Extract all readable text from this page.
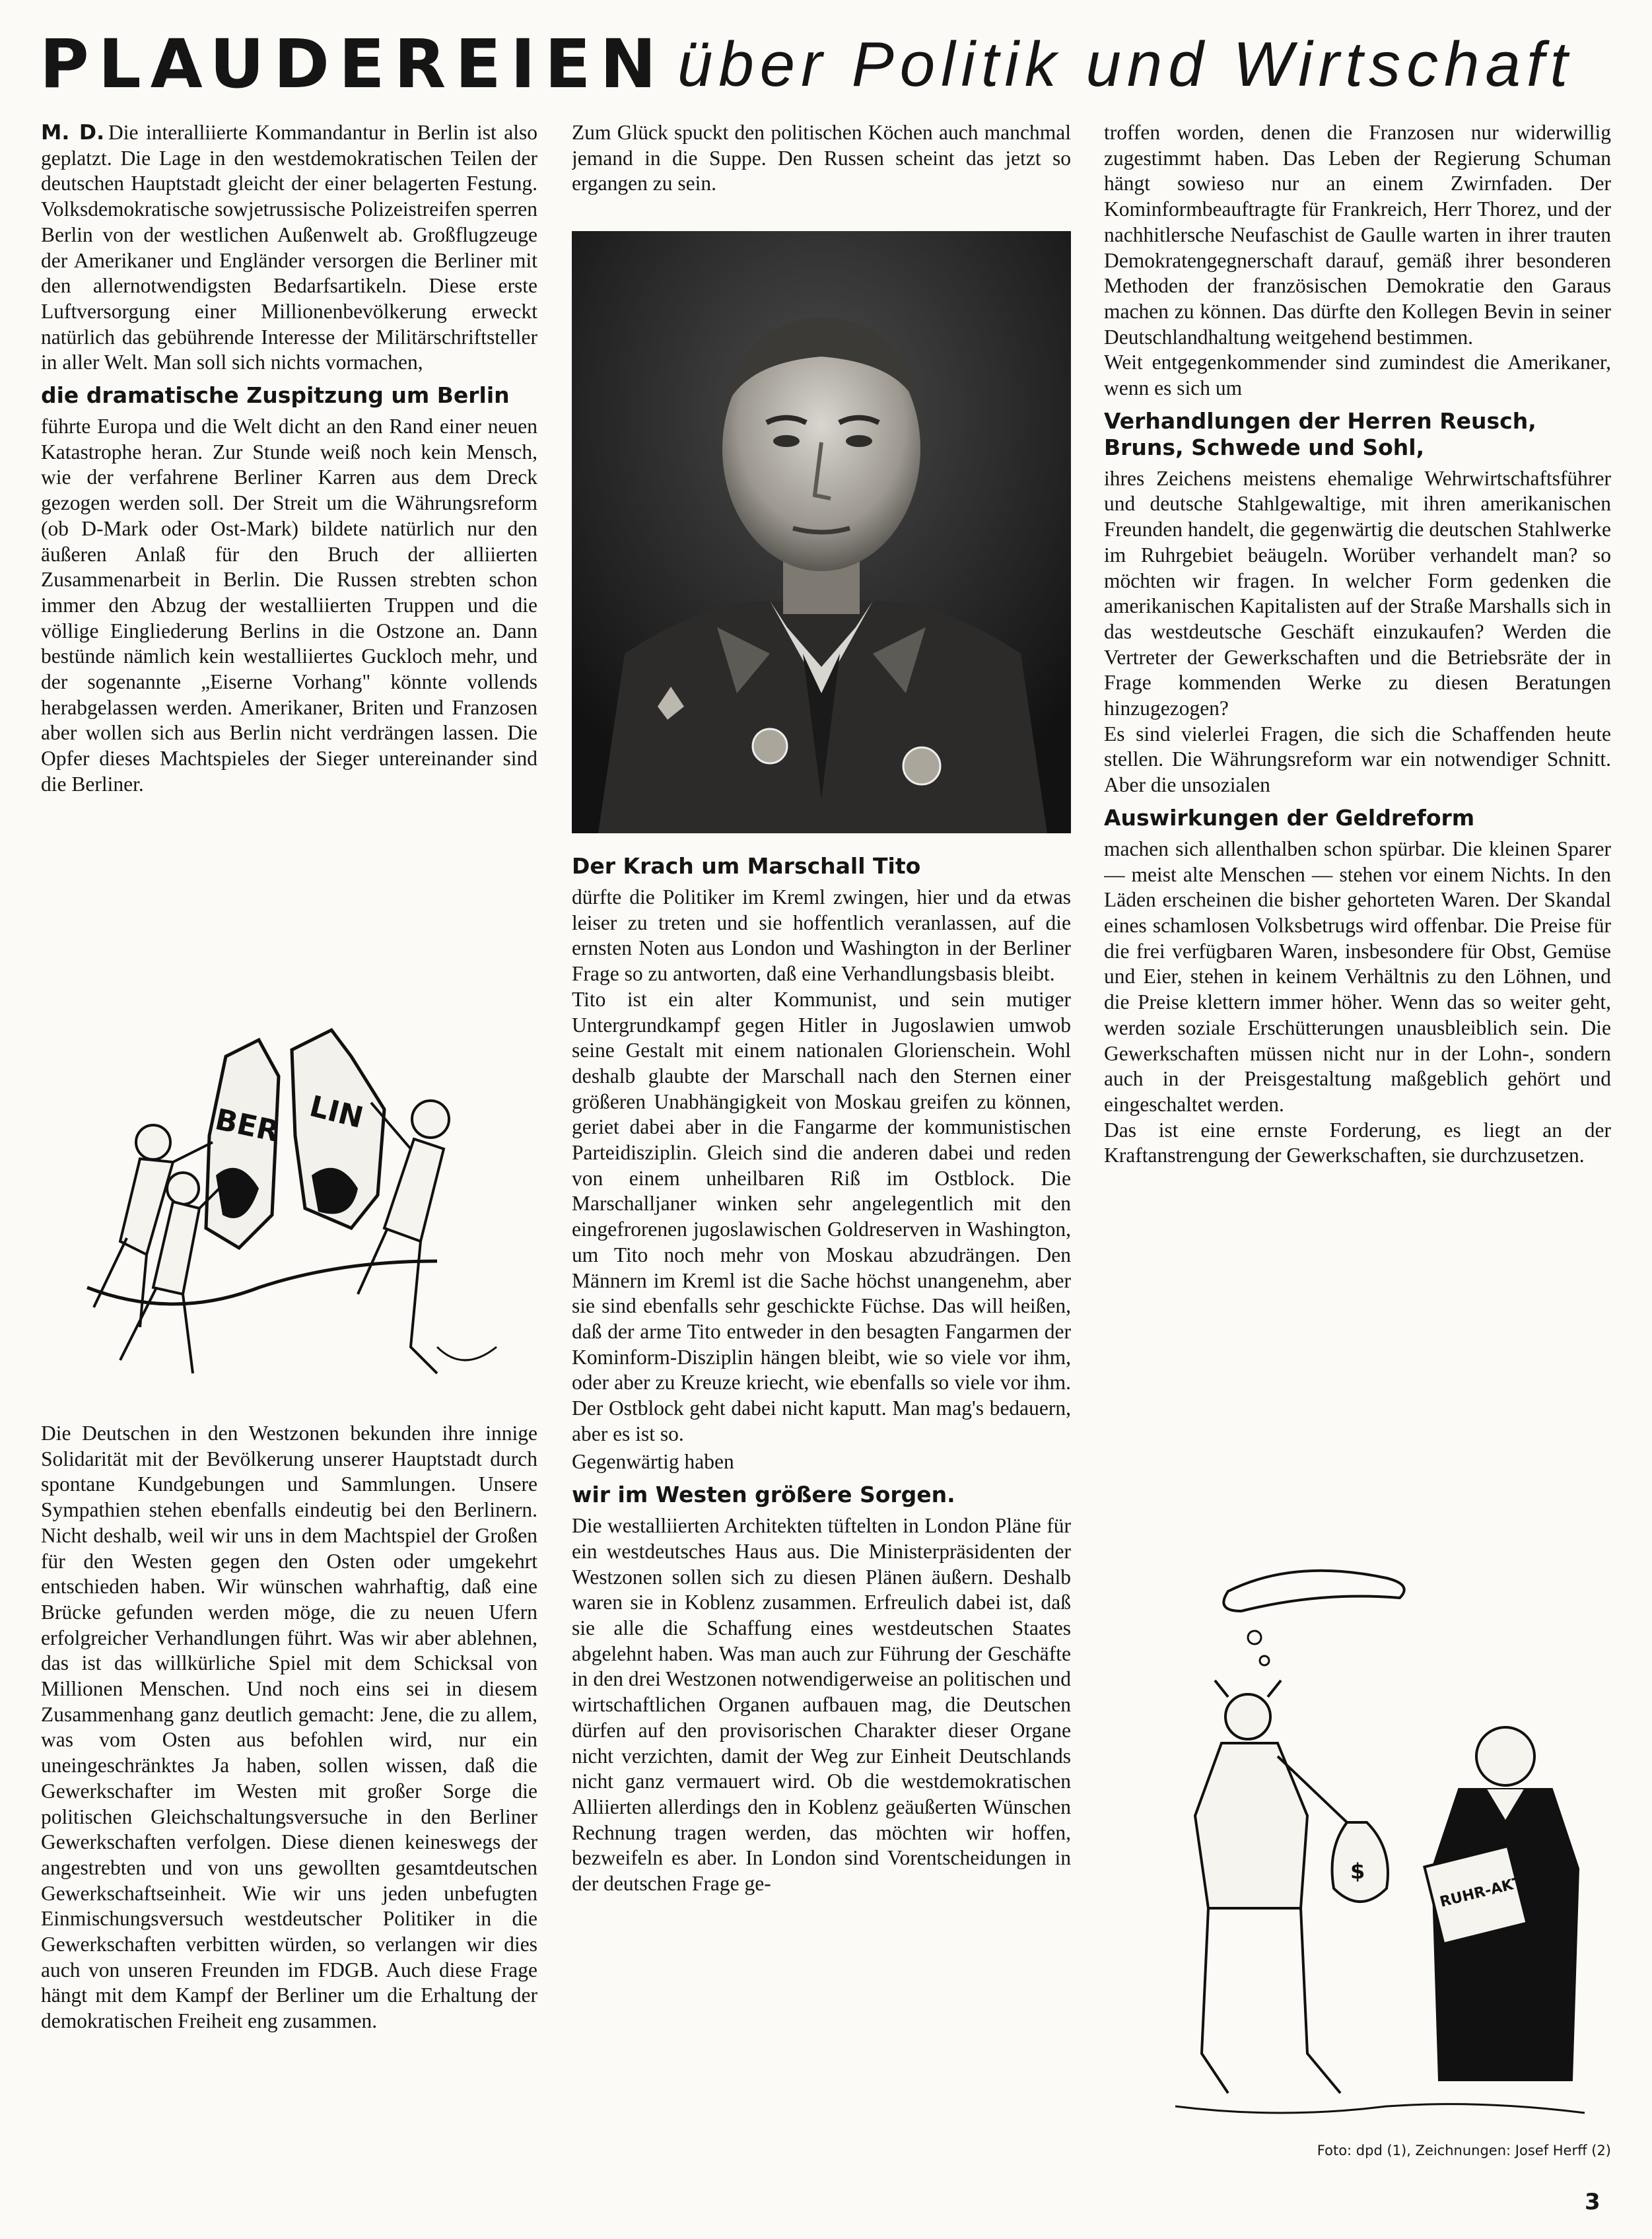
PLAUDEREIEN über Politik und Wirtschaft

M. D. Die interalliierte Kommandantur in Berlin ist also geplatzt. Die Lage in den westdemokratischen Teilen der deutschen Hauptstadt gleicht der einer belagerten Festung. Volksdemokratische sowjetrussische Polizeistreifen sperren Berlin von der westlichen Außenwelt ab. Großflugzeuge der Amerikaner und Engländer versorgen die Berliner mit den allernotwendigsten Bedarfsartikeln. Diese erste Luftversorgung einer Millionenbevölkerung erweckt natürlich das gebührende Interesse der Militärschriftsteller in aller Welt. Man soll sich nichts vormachen,

die dramatische Zuspitzung um Berlin

führte Europa und die Welt dicht an den Rand einer neuen Katastrophe heran. Zur Stunde weiß noch kein Mensch, wie der verfahrene Berliner Karren aus dem Dreck gezogen werden soll. Der Streit um die Währungsreform (ob D-Mark oder Ost-Mark) bildete natürlich nur den äußeren Anlaß für den Bruch der alliierten Zusammenarbeit in Berlin. Die Russen strebten schon immer den Abzug der westalliierten Truppen und die völlige Eingliederung Berlins in die Ostzone an. Dann bestünde nämlich kein westalliiertes Guckloch mehr, und der sogenannte „Eiserne Vorhang" könnte vollends herabgelassen werden. Amerikaner, Briten und Franzosen aber wollen sich aus Berlin nicht verdrängen lassen. Die Opfer dieses Machtspieles der Sieger untereinander sind die Berliner.

BER LIN

Die Deutschen in den Westzonen bekunden ihre innige Solidarität mit der Bevölkerung unserer Hauptstadt durch spontane Kundgebungen und Sammlungen. Unsere Sympathien stehen ebenfalls eindeutig bei den Berlinern. Nicht deshalb, weil wir uns in dem Machtspiel der Großen für den Westen gegen den Osten oder umgekehrt entschieden haben. Wir wünschen wahrhaftig, daß eine Brücke gefunden werden möge, die zu neuen Ufern erfolgreicher Verhandlungen führt. Was wir aber ablehnen, das ist das willkürliche Spiel mit dem Schicksal von Millionen Menschen. Und noch eins sei in diesem Zusammenhang ganz deutlich gemacht: Jene, die zu allem, was vom Osten aus befohlen wird, nur ein uneingeschränktes Ja haben, sollen wissen, daß die Gewerkschafter im Westen mit großer Sorge die politischen Gleichschaltungsversuche in den Berliner Gewerkschaften verfolgen. Diese dienen keineswegs der angestrebten und von uns gewollten gesamtdeutschen Gewerkschaftseinheit. Wie wir uns jeden unbefugten Einmischungsversuch westdeutscher Politiker in die Gewerkschaften verbitten würden, so verlangen wir dies auch von unseren Freunden im FDGB. Auch diese Frage hängt mit dem Kampf der Berliner um die Erhaltung der demokratischen Freiheit eng zusammen.

Zum Glück spuckt den politischen Köchen auch manchmal jemand in die Suppe. Den Russen scheint das jetzt so ergangen zu sein.

Der Krach um Marschall Tito

dürfte die Politiker im Kreml zwingen, hier und da etwas leiser zu treten und sie hoffentlich veranlassen, auf die ernsten Noten aus London und Washington in der Berliner Frage so zu antworten, daß eine Verhandlungsbasis bleibt.

Tito ist ein alter Kommunist, und sein mutiger Untergrundkampf gegen Hitler in Jugoslawien umwob seine Gestalt mit einem nationalen Glorienschein. Wohl deshalb glaubte der Marschall nach den Sternen einer größeren Unabhängigkeit von Moskau greifen zu können, geriet dabei aber in die Fangarme der kommunistischen Parteidisziplin. Gleich sind die anderen dabei und reden von einem unheilbaren Riß im Ostblock. Die Marschalljaner winken sehr angelegentlich mit den eingefrorenen jugoslawischen Goldreserven in Washington, um Tito noch mehr von Moskau abzudrängen. Den Männern im Kreml ist die Sache höchst unangenehm, aber sie sind ebenfalls sehr geschickte Füchse. Das will heißen, daß der arme Tito entweder in den besagten Fangarmen der Kominform-Disziplin hängen bleibt, wie so viele vor ihm, oder aber zu Kreuze kriecht, wie ebenfalls so viele vor ihm. Der Ostblock geht dabei nicht kaputt. Man mag's bedauern, aber es ist so.

Gegenwärtig haben

wir im Westen größere Sorgen.

Die westalliierten Architekten tüftelten in London Pläne für ein westdeutsches Haus aus. Die Ministerpräsidenten der Westzonen sollen sich zu diesen Plänen äußern. Deshalb waren sie in Koblenz zusammen. Erfreulich dabei ist, daß sie alle die Schaffung eines westdeutschen Staates abgelehnt haben. Was man auch zur Führung der Geschäfte in den drei Westzonen notwendigerweise an politischen und wirtschaftlichen Organen aufbauen mag, die Deutschen dürfen auf den provisorischen Charakter dieser Organe nicht verzichten, damit der Weg zur Einheit Deutschlands nicht ganz vermauert wird. Ob die westdemokratischen Alliierten allerdings den in Koblenz geäußerten Wünschen Rechnung tragen werden, das möchten wir hoffen, bezweifeln es aber. In London sind Vorentscheidungen in der deutschen Frage ge-

troffen worden, denen die Franzosen nur widerwillig zugestimmt haben. Das Leben der Regierung Schuman hängt sowieso nur an einem Zwirnfaden. Der Kominformbeauftragte für Frankreich, Herr Thorez, und der nachhitlersche Neufaschist de Gaulle warten in ihrer trauten Demokratengegnerschaft darauf, gemäß ihrer besonderen Methoden der französischen Demokratie den Garaus machen zu können. Das dürfte den Kollegen Bevin in seiner Deutschlandhaltung weitgehend bestimmen.

Weit entgegenkommender sind zumindest die Amerikaner, wenn es sich um

Verhandlungen der Herren Reusch, Bruns, Schwede und Sohl,

ihres Zeichens meistens ehemalige Wehrwirtschaftsführer und deutsche Stahlgewaltige, mit ihren amerikanischen Freunden handelt, die gegenwärtig die deutschen Stahlwerke im Ruhrgebiet beäugeln. Worüber verhandelt man? so möchten wir fragen. In welcher Form gedenken die amerikanischen Kapitalisten auf der Straße Marshalls sich in das westdeutsche Geschäft einzukaufen? Werden die Vertreter der Gewerkschaften und die Betriebsräte der in Frage kommenden Werke zu diesen Beratungen hinzugezogen?

Es sind vielerlei Fragen, die sich die Schaffenden heute stellen. Die Währungsreform war ein notwendiger Schnitt. Aber die unsozialen

Auswirkungen der Geldreform

machen sich allenthalben schon spürbar. Die kleinen Sparer — meist alte Menschen — stehen vor einem Nichts. In den Läden erscheinen die bisher gehorteten Waren. Der Skandal eines schamlosen Volksbetrugs wird offenbar. Die Preise für die frei verfügbaren Waren, insbesondere für Obst, Gemüse und Eier, stehen in keinem Verhältnis zu den Löhnen, und die Preise klettern immer höher. Wenn das so weiter geht, werden soziale Erschütterungen unausbleiblich sein. Die Gewerkschaften müssen nicht nur in der Lohn-, sondern auch in der Preisgestaltung maßgeblich gehört und eingeschaltet werden.

Das ist eine ernste Forderung, es liegt an der Kraftanstrengung der Gewerkschaften, sie durchzusetzen.

$
RUHR-AKT
Foto: dpd (1), Zeichnungen: Josef Herff (2)
3
